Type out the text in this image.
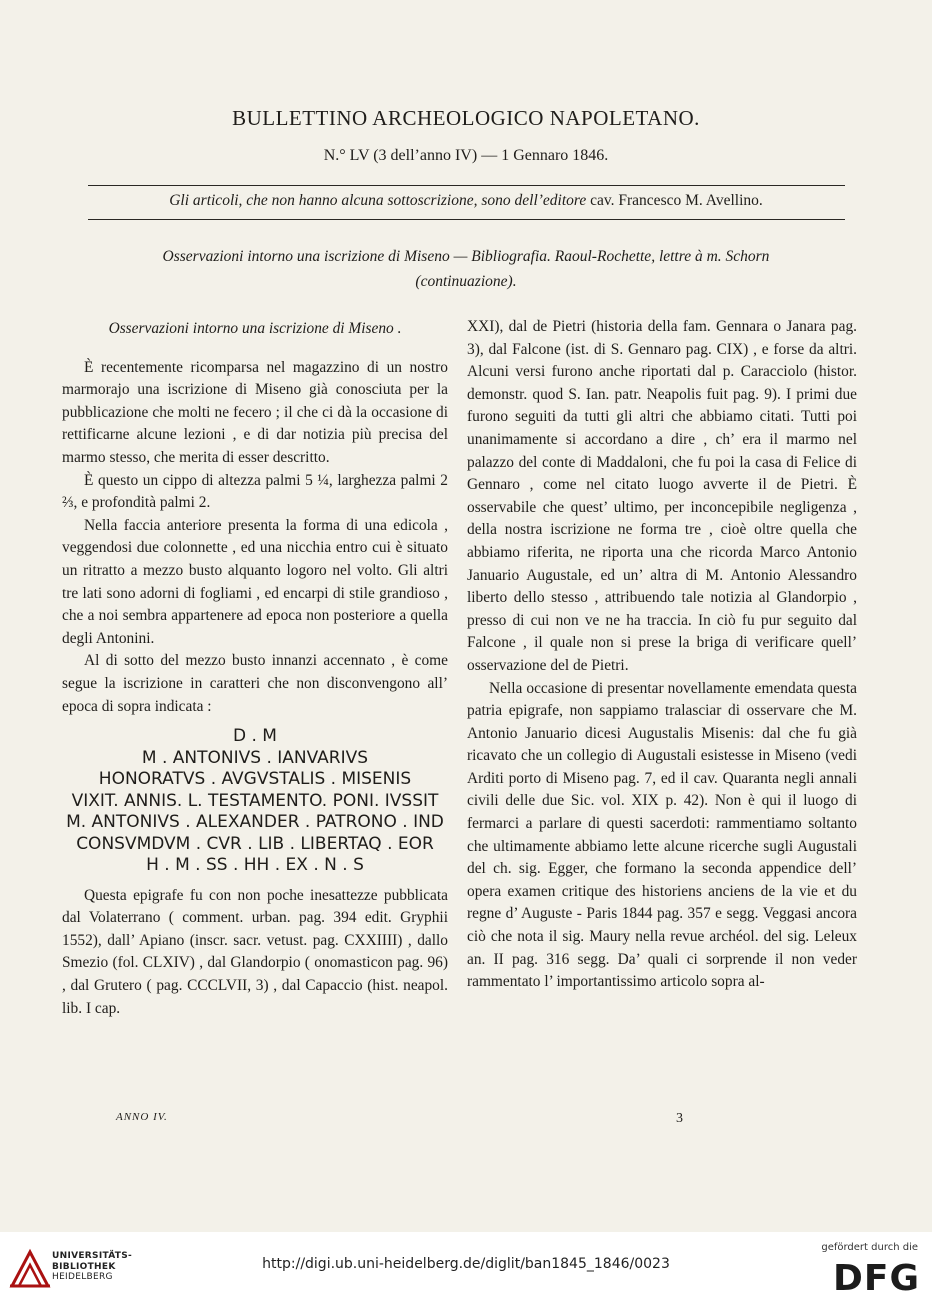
BULLETTINO ARCHEOLOGICO NAPOLETANO.
N.° LV (3 dell’anno IV) — 1 Gennaro 1846.
Gli articoli, che non hanno alcuna sottoscrizione, sono dell’editore cav. Francesco M. Avellino.
Osservazioni intorno una iscrizione di Miseno — Bibliografia. Raoul-Rochette, lettre à m. Schorn
(continuazione).

Osservazioni intorno una iscrizione di Miseno .

È recentemente ricomparsa nel magazzino di un nostro marmorajo una iscrizione di Miseno già conosciuta per la pubblicazione che molti ne fecero ; il che ci dà la occasione di rettificarne alcune lezioni , e di dar notizia più precisa del marmo stesso, che merita di esser descritto.

È questo un cippo di altezza palmi 5 ¼, larghezza palmi 2 ⅔, e profondità palmi 2.

Nella faccia anteriore presenta la forma di una edicola , veggendosi due colonnette , ed una nicchia entro cui è situato un ritratto a mezzo busto alquanto logoro nel volto. Gli altri tre lati sono adorni di fogliami , ed encarpi di stile grandioso , che a noi sembra appartenere ad epoca non posteriore a quella degli Antonini.

Al di sotto del mezzo busto innanzi accennato , è come segue la iscrizione in caratteri che non disconvengono all’ epoca di sopra indicata :

D . M
M . ANTONIVS . IANVARIVS
HONORATVS . AVGVSTALIS . MISENIS
VIXIT. ANNIS. L. TESTAMENTO. PONI. IVSSIT
M. ANTONIVS . ALEXANDER . PATRONO . IND
CONSVMDVM . CVR . LIB . LIBERTAQ . EOR
H . M . SS . HH . EX . N . S

Questa epigrafe fu con non poche inesattezze pubblicata dal Volaterrano ( comment. urban. pag. 394 edit. Gryphii 1552), dall’ Apiano (inscr. sacr. vetust. pag. CXXIIII) , dallo Smezio (fol. CLXIV) , dal Glandorpio ( onomasticon pag. 96) , dal Grutero ( pag. CCCLVII, 3) , dal Capaccio (hist. neapol. lib. I cap.

XXI), dal de Pietri (historia della fam. Gennara o Janara pag. 3), dal Falcone (ist. di S. Gennaro pag. CIX) , e forse da altri. Alcuni versi furono anche riportati dal p. Caracciolo (histor. demonstr. quod S. Ian. patr. Neapolis fuit pag. 9). I primi due furono seguiti da tutti gli altri che abbiamo citati. Tutti poi unanimamente si accordano a dire , ch’ era il marmo nel palazzo del conte di Maddaloni, che fu poi la casa di Felice di Gennaro , come nel citato luogo avverte il de Pietri. È osservabile che quest’ ultimo, per inconcepibile negligenza , della nostra iscrizione ne forma tre , cioè oltre quella che abbiamo riferita, ne riporta una che ricorda Marco Antonio Januario Augustale, ed un’ altra di M. Antonio Alessandro liberto dello stesso , attribuendo tale notizia al Glandorpio , presso di cui non ve ne ha traccia. In ciò fu pur seguito dal Falcone , il quale non si prese la briga di verificare quell’ osservazione del de Pietri.

Nella occasione di presentar novellamente emendata questa patria epigrafe, non sappiamo tralasciar di osservare che M. Antonio Januario dicesi Augustalis Misenis: dal che fu già ricavato che un collegio di Augustali esistesse in Miseno (vedi Arditi porto di Miseno pag. 7, ed il cav. Quaranta negli annali civili delle due Sic. vol. XIX p. 42). Non è qui il luogo di fermarci a parlare di questi sacerdoti: rammentiamo soltanto che ultimamente abbiamo lette alcune ricerche sugli Augustali del ch. sig. Egger, che formano la seconda appendice dell’ opera examen critique des historiens anciens de la vie et du regne d’ Auguste - Paris 1844 pag. 357 e segg. Veggasi ancora ciò che nota il sig. Maury nella revue archéol. del sig. Leleux an. II pag. 316 segg. Da’ quali ci sorprende il non veder rammentato l’ importantissimo articolo sopra al-

ANNO IV.	3
UNIVERSITÄTS-
BIBLIOTHEK
HEIDELBERG
http://digi.ub.uni-heidelberg.de/diglit/ban1845_1846/0023
gefördert durch die
DFG
